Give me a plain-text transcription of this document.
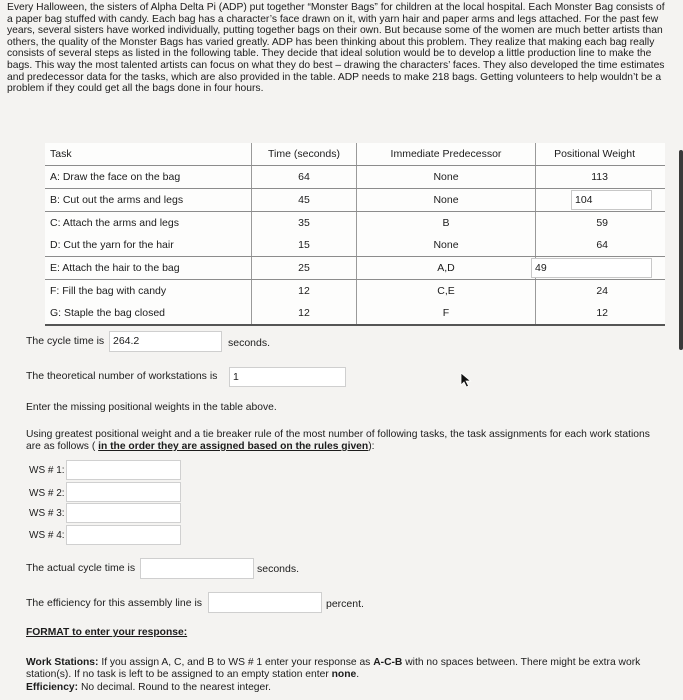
Every Halloween, the sisters of Alpha Delta Pi (ADP) put together “Monster Bags” for children at the local hospital. Each Monster Bag consists of a paper bag stuffed with candy. Each bag has a character’s face drawn on it, with yarn hair and paper arms and legs attached. For the past few years, several sisters have worked individually, putting together bags on their own. But because some of the women are much better artists than others, the quality of the Monster Bags has varied greatly. ADP has been thinking about this problem. They realize that making each bag really consists of several steps as listed in the following table. They decide that ideal solution would be to develop a little production line to make the bags. This way the most talented artists can focus on what they do best – drawing the characters’ faces. They also developed the time estimates and predecessor data for the tasks, which are also provided in the table. ADP needs to make 218 bags. Getting volunteers to help wouldn’t be a problem if they could get all the bags done in four hours.

Task	Time (seconds)	Immediate Predecessor	Positional Weight
A: Draw the face on the bag	64	None	113

B: Cut out the arms and legs	45	None	104

C: Attach the arms and legs	35	B	59

D: Cut the yarn for the hair	15	None	64

E: Attach the hair to the bag	25	A,D	49

F: Fill the bag with candy	12	C,E	24

G: Staple the bag closed	12	F	12
The cycle time is 264.2	seconds.
The theoretical number of workstations is	1

Enter the missing positional weights in the table above.

Using greatest positional weight and a tie breaker rule of the most number of following tasks, the task assignments for each work stations are as follows ( in the order they are assigned based on the rules given):

WS # 1:
WS # 2:
WS # 3:
WS # 4:
The actual cycle time is	seconds.
The efficiency for this assembly line is	percent.

FORMAT to enter your response:

Work Stations: If you assign A, C, and B to WS # 1 enter your response as A-C-B with no spaces between. There might be extra work station(s). If no task is left to be assigned to an empty station enter none.

Efficiency: No decimal. Round to the nearest integer.
